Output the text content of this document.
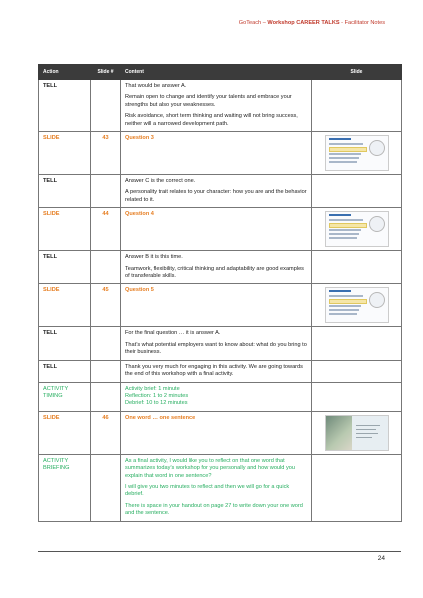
GoTeach – Workshop CAREER TALKS - Facilitator Notes
Action	Slide #	Content	Slide
TELL		That would be answer A.

Remain open to change and identify your talents and embrace your strengths but also your weaknesses.

Risk avoidance, short term thinking and waiting will not bring success, neither will a narrowed development path.	

SLIDE	43	Question 3	

TELL		Answer C is the correct one.

A personality trait relates to your character: how you are and the behavior related to it.	

SLIDE	44	Question 4	

TELL		Answer B it is this time.

Teamwork, flexibility, critical thinking and adaptability are good examples of transferable skills.	

SLIDE	45	Question 5	

TELL		For the final question … it is answer A.

That’s what potential employers want to know about: what do you bring to their business.	

TELL		Thank you very much for engaging in this activity. We are going towards the end of this workshop with a final activity.	

ACTIVITY TIMING		Activity brief: 1 minute
Reflection: 1 to 2 minutes
Debrief: 10 to 12 minutes	

SLIDE	46	One word … one sentence	

ACTIVITY BRIEFING		As a final activity, I would like you to reflect on that one word that summarizes today’s workshop for you personally and how would you explain that word in one sentence?

I will give you two minutes to reflect and then we will go for a quick debrief.

There is space in your handout on page 27 to write down your one word and the sentence.	

24
